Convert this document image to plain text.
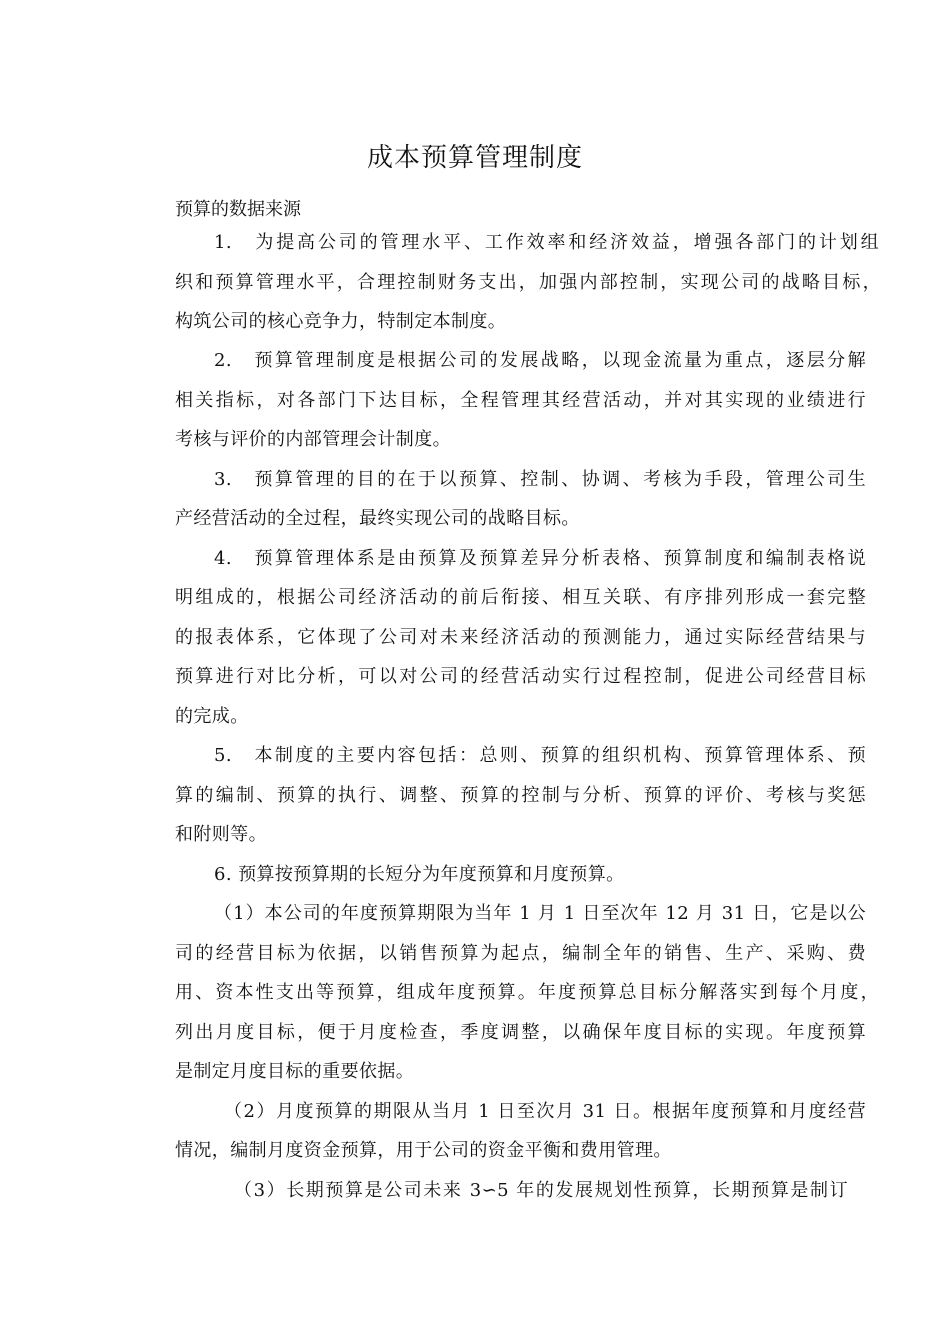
成本预算管理制度
预算的数据来源
1.　为提高公司的管理水平、工作效率和经济效益，增强各部门的计划组
织和预算管理水平，合理控制财务支出，加强内部控制，实现公司的战略目标，
构筑公司的核心竞争力，特制定本制度。
2.　预算管理制度是根据公司的发展战略，以现金流量为重点，逐层分解
相关指标，对各部门下达目标，全程管理其经营活动，并对其实现的业绩进行
考核与评价的内部管理会计制度。
3.　预算管理的目的在于以预算、控制、协调、考核为手段，管理公司生
产经营活动的全过程，最终实现公司的战略目标。
4.　预算管理体系是由预算及预算差异分析表格、预算制度和编制表格说
明组成的，根据公司经济活动的前后衔接、相互关联、有序排列形成一套完整
的报表体系，它体现了公司对未来经济活动的预测能力，通过实际经营结果与
预算进行对比分析，可以对公司的经营活动实行过程控制，促进公司经营目标
的完成。
5.　本制度的主要内容包括：总则、预算的组织机构、预算管理体系、预
算的编制、预算的执行、调整、预算的控制与分析、预算的评价、考核与奖惩
和附则等。
6. 预算按预算期的长短分为年度预算和月度预算。
（1）本公司的年度预算期限为当年 1 月 1 日至次年 12 月 31 日，它是以公
司的经营目标为依据，以销售预算为起点，编制全年的销售、生产、采购、费
用、资本性支出等预算，组成年度预算。年度预算总目标分解落实到每个月度，
列出月度目标，便于月度检查，季度调整，以确保年度目标的实现。年度预算
是制定月度目标的重要依据。
（2）月度预算的期限从当月 1 日至次月 31 日。根据年度预算和月度经营
情况，编制月度资金预算，用于公司的资金平衡和费用管理。
（3）长期预算是公司未来 3∽5 年的发展规划性预算，长期预算是制订
